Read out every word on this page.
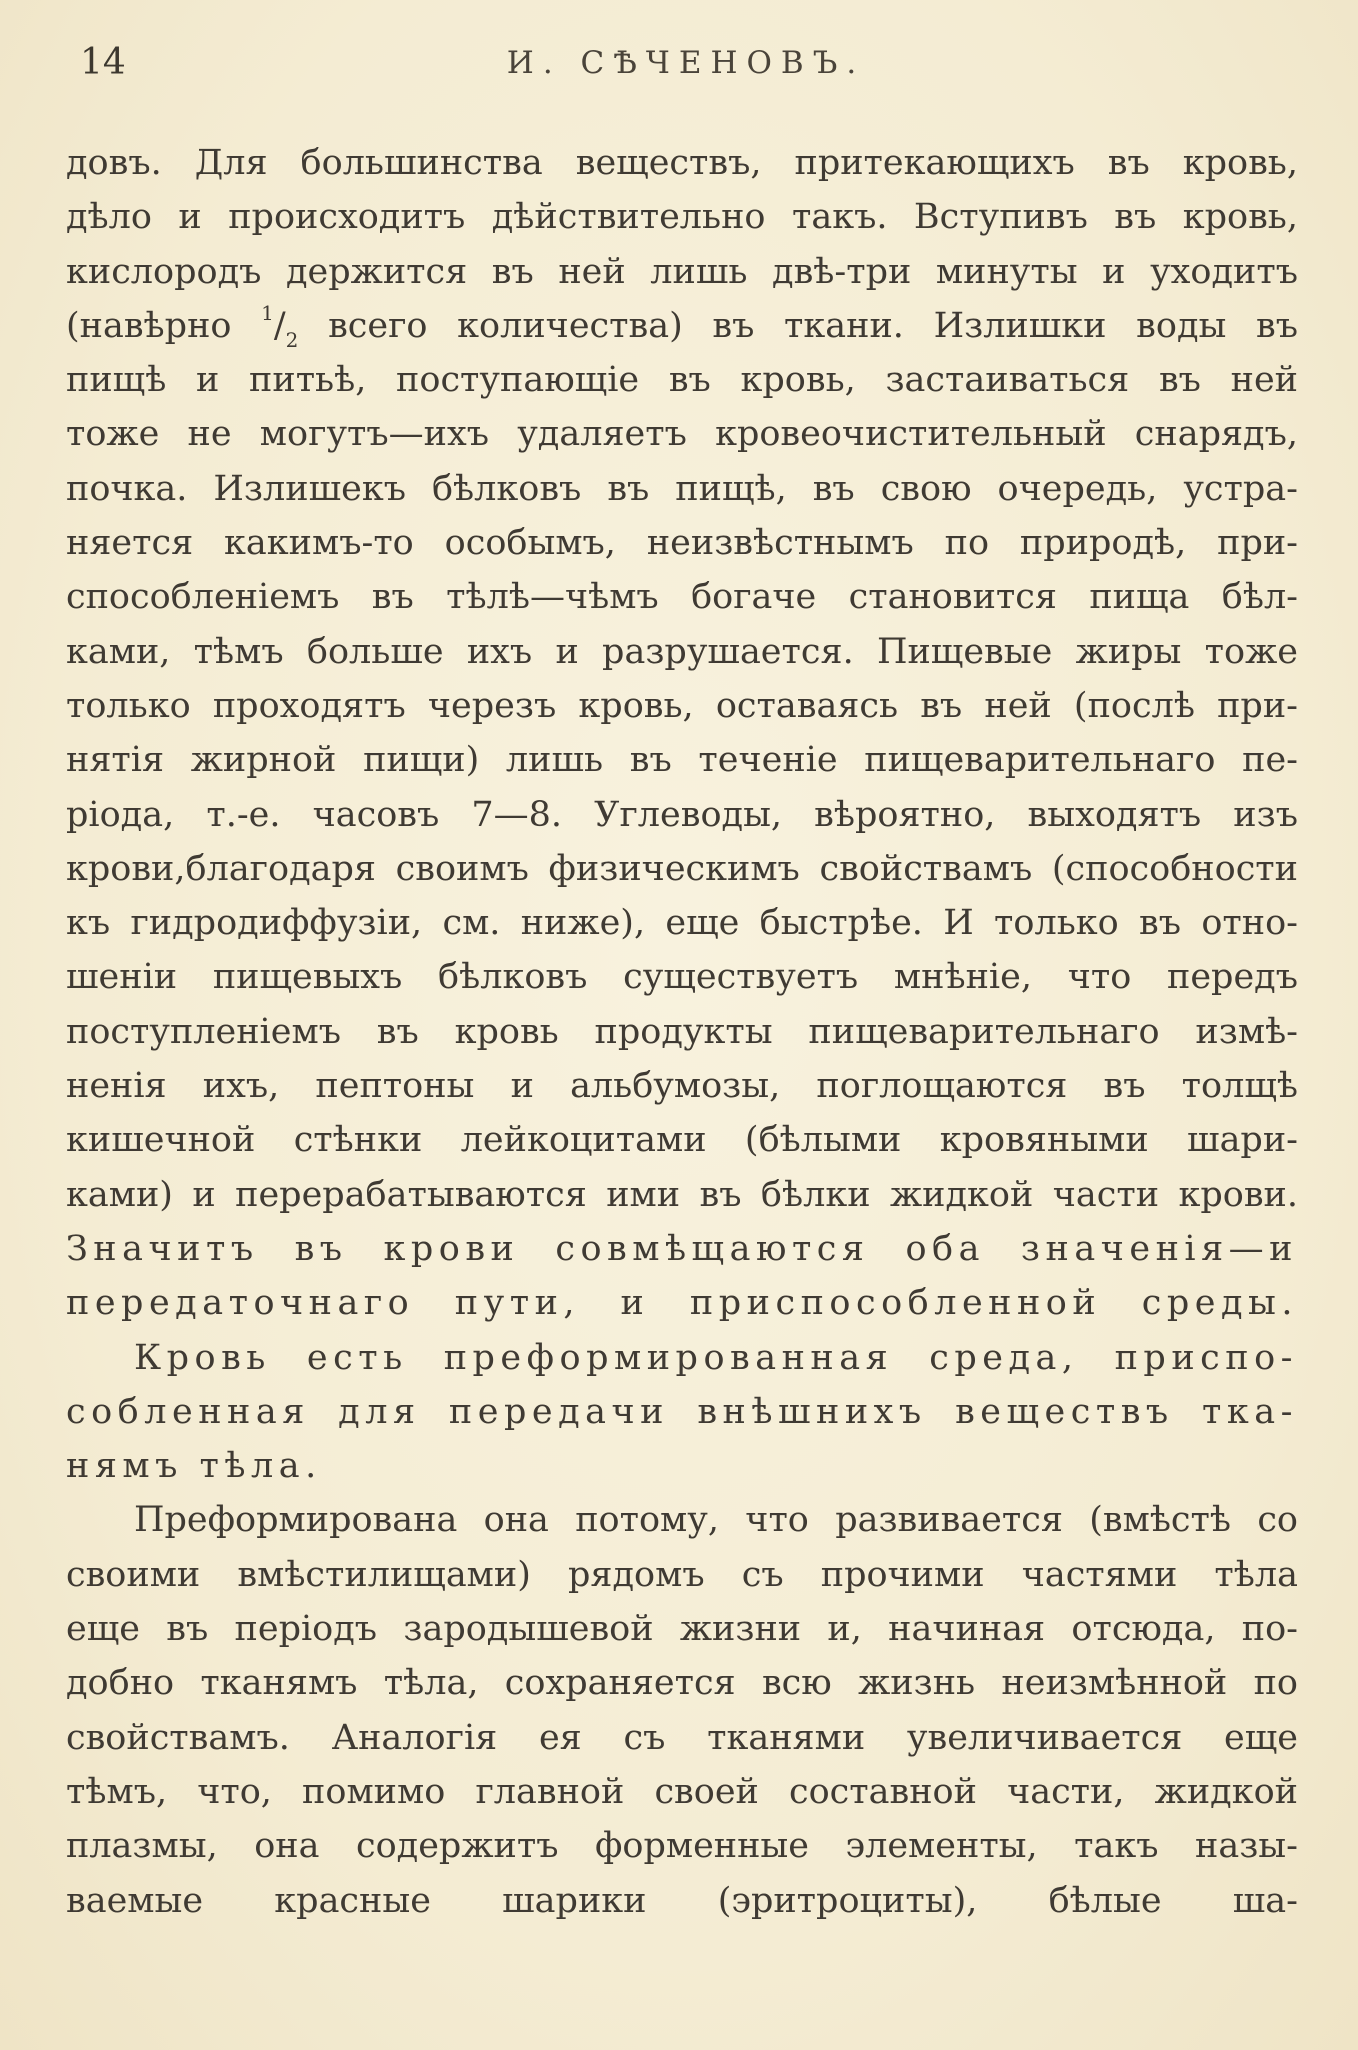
14	И. СѢЧЕНОВЪ.
довъ. Для большинства веществъ, притекающихъ въ кровь,
дѣло и происходитъ дѣйствительно такъ. Вступивъ въ кровь,
кислородъ держится въ ней лишь двѣ-три минуты и уходитъ
(навѣрно $^1/_2$ всего количества) въ ткани. Излишки воды въ
пищѣ и питьѣ, поступающіе въ кровь, застаиваться въ ней
тоже не могутъ—ихъ удаляетъ кровеочистительный снарядъ,
почка. Излишекъ бѣлковъ въ пищѣ, въ свою очередь, устра-
няется какимъ-то особымъ, неизвѣстнымъ по природѣ, при-
способленіемъ въ тѣлѣ—чѣмъ богаче становится пища бѣл-
ками, тѣмъ больше ихъ и разрушается. Пищевые жиры тоже
только проходятъ черезъ кровь, оставаясь въ ней (послѣ при-
нятія жирной пищи) лишь въ теченіе пищеварительнаго пе-
ріода, т.-е. часовъ 7—8. Углеводы, вѣроятно, выходятъ изъ
крови,благодаря своимъ физическимъ свойствамъ (способности
къ гидродиффузіи, см. ниже), еще быстрѣе. И только въ отно-
шеніи пищевыхъ бѣлковъ существуетъ мнѣніе, что передъ
поступленіемъ въ кровь продукты пищеварительнаго измѣ-
ненія ихъ, пептоны и альбумозы, поглощаются въ толщѣ
кишечной стѣнки лейкоцитами (бѣлыми кровяными шари-
ками) и перерабатываются ими въ бѣлки жидкой части крови.
Значитъ въ крови совмѣщаются оба значенія—и
передаточнаго пути, и приспособленной среды.
Кровь есть преформированная среда, приспо-
собленная для передачи внѣшнихъ веществъ тка-
нямъ тѣла.
Преформирована она потому, что развивается (вмѣстѣ со
своими вмѣстилищами) рядомъ съ прочими частями тѣла
еще въ періодъ зародышевой жизни и, начиная отсюда, по-
добно тканямъ тѣла, сохраняется всю жизнь неизмѣнной по
свойствамъ. Аналогія ея съ тканями увеличивается еще
тѣмъ, что, помимо главной своей составной части, жидкой
плазмы, она содержитъ форменные элементы, такъ назы-
ваемые красные шарики (эритроциты), бѣлые ша-
